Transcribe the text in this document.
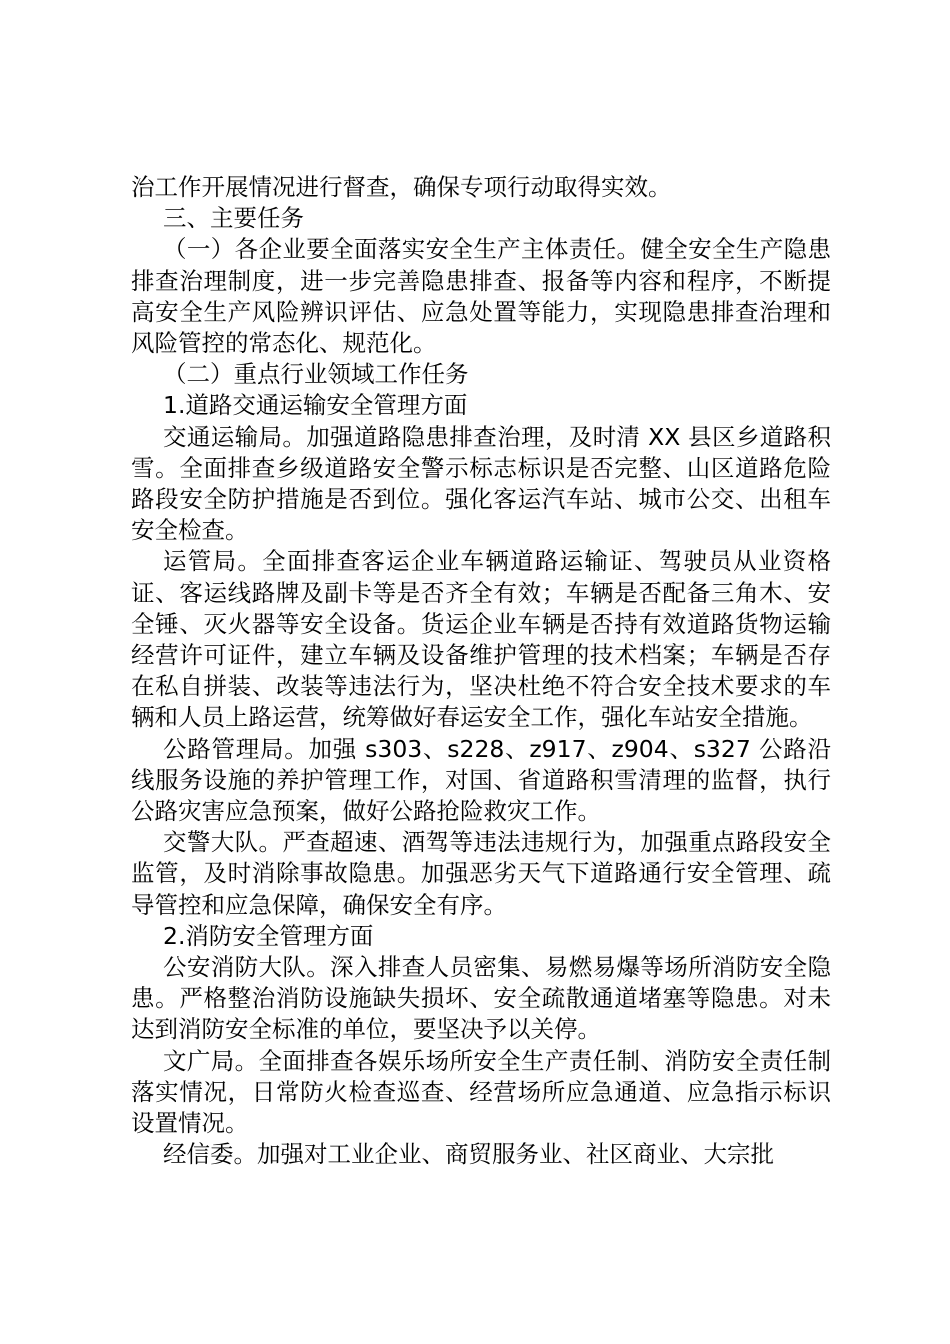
治工作开展情况进行督查，确保专项行动取得实效。

三、主要任务

（一）各企业要全面落实安全生产主体责任。健全安全生产隐患排查治理制度，进一步完善隐患排查、报备等内容和程序，不断提高安全生产风险辨识评估、应急处置等能力，实现隐患排查治理和风险管控的常态化、规范化。

（二）重点行业领域工作任务

1.道路交通运输安全管理方面

交通运输局。加强道路隐患排查治理，及时清 XX 县区乡道路积雪。全面排查乡级道路安全警示标志标识是否完整、山区道路危险路段安全防护措施是否到位。强化客运汽车站、城市公交、出租车安全检查。

运管局。全面排查客运企业车辆道路运输证、驾驶员从业资格证、客运线路牌及副卡等是否齐全有效；车辆是否配备三角木、安全锤、灭火器等安全设备。货运企业车辆是否持有效道路货物运输经营许可证件，建立车辆及设备维护管理的技术档案；车辆是否存在私自拼装、改装等违法行为，坚决杜绝不符合安全技术要求的车辆和人员上路运营，统筹做好春运安全工作，强化车站安全措施。

公路管理局。加强 s303、s228、z917、z904、s327 公路沿线服务设施的养护管理工作，对国、省道路积雪清理的监督，执行公路灾害应急预案，做好公路抢险救灾工作。

交警大队。严查超速、酒驾等违法违规行为，加强重点路段安全监管，及时消除事故隐患。加强恶劣天气下道路通行安全管理、疏导管控和应急保障，确保安全有序。

2.消防安全管理方面

公安消防大队。深入排查人员密集、易燃易爆等场所消防安全隐患。严格整治消防设施缺失损坏、安全疏散通道堵塞等隐患。对未达到消防安全标准的单位，要坚决予以关停。

文广局。全面排查各娱乐场所安全生产责任制、消防安全责任制落实情况，日常防火检查巡查、经营场所应急通道、应急指示标识设置情况。

经信委。加强对工业企业、商贸服务业、社区商业、大宗批
